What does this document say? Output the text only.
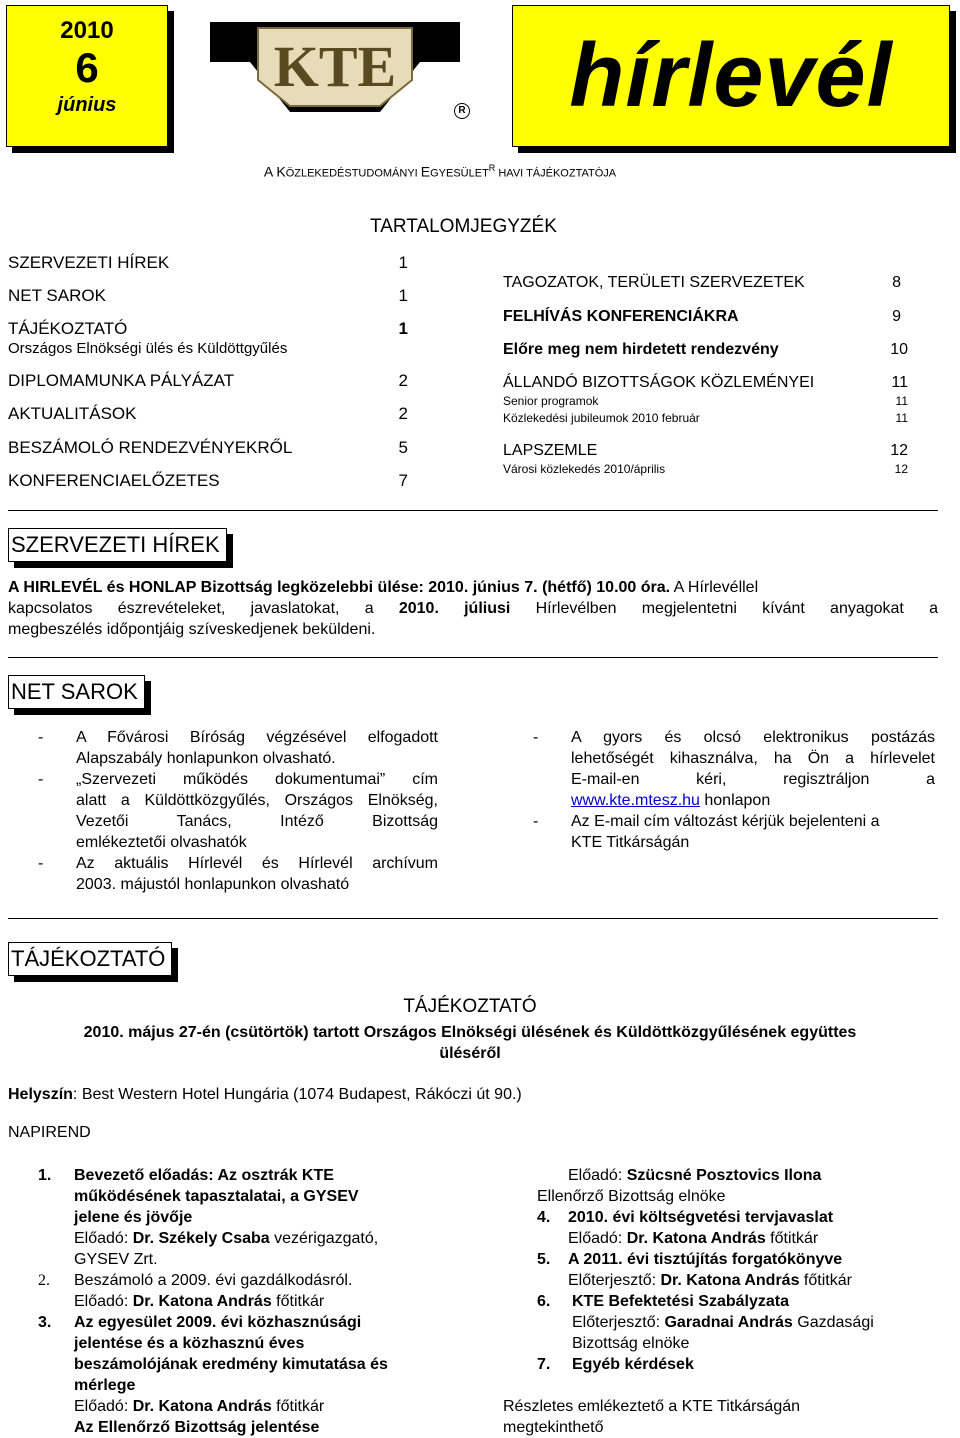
2010
6
június
KTE
R	hírlevél
A KÖZLEKEDÉSTUDOMÁNYI $EGYESÜLET^R$ HAVI TÁJÉKOZTATÓJA
TARTALOMJEGYZÉK
SZERVEZETI HÍREK	1
NET SAROK	1
TÁJÉKOZTATÓ	1
Országos Elnökségi ülés és Küldöttgyűlés
DIPLOMAMUNKA PÁLYÁZAT	2
AKTUALITÁSOK	2
BESZÁMOLÓ RENDEZVÉNYEKRŐL	5
KONFERENCIAELŐZETES	7
TAGOZATOK, TERÜLETI SZERVEZETEK	8
FELHÍVÁS KONFERENCIÁKRA	9
Előre meg nem hirdetett rendezvény	10
ÁLLANDÓ BIZOTTSÁGOK KÖZLEMÉNYEI	11
Senior programok	11
Közlekedési jubileumok 2010 február	11
LAPSZEMLE	12
Városi közlekedés 2010/április	12
SZERVEZETI HÍREK
A HIRLEVÉL és HONLAP Bizottság legközelebbi ülése: 2010. június 7. (hétfő) 10.00 óra. A Hírlevéllel
kapcsolatos észrevételeket, javaslatokat, a 2010. júliusi Hírlevélben megjelentetni kívánt anyagokat a
megbeszélés időpontjáig szíveskedjenek beküldeni.
NET SAROK
- A Fővárosi Bíróság végzésével elfogadott
Alapszabály honlapunkon olvasható.
- „Szervezeti működés dokumentumai” cím
alatt a Küldöttközgyűlés, Országos Elnökség,
Vezetői Tanács, Intéző Bizottság
emlékeztetői olvashatók
- Az aktuális Hírlevél és Hírlevél archívum
2003. májustól honlapunkon olvasható
- A gyors és olcsó elektronikus postázás
lehetőségét kihasználva, ha Ön a hírlevelet
E-mail-en kéri, regisztráljon a
www.kte.mtesz.hu honlapon
- Az E-mail cím változást kérjük bejelenteni a
KTE Titkárságán
TÁJÉKOZTATÓ
TÁJÉKOZTATÓ
2010. május 27-én (csütörtök) tartott Országos Elnökségi ülésének és Küldöttközgyűlésének együttes
üléséről
Helyszín: Best Western Hotel Hungária (1074 Budapest, Rákóczi út 90.)
NAPIREND
1. Bevezető előadás: Az osztrák KTE
működésének tapasztalatai, a GYSEV
jelene és jövője
Előadó: Dr. Székely Csaba vezérigazgató,
GYSEV Zrt.
2. Beszámoló a 2009. évi gazdálkodásról.
Előadó: Dr. Katona András főtitkár
3. Az egyesület 2009. évi közhasznúsági
jelentése és a közhasznú éves
beszámolójának eredmény kimutatása és
mérlege
Előadó: Dr. Katona András főtitkár
Az Ellenőrző Bizottság jelentése
Előadó: Szücsné Posztovics Ilona
Ellenőrző Bizottság elnöke
4. 2010. évi költségvetési tervjavaslat
Előadó: Dr. Katona András főtitkár
5. A 2011. évi tisztújítás forgatókönyve
Előterjesztő: Dr. Katona András főtitkár
6. KTE Befektetési Szabályzata
Előterjesztő: Garadnai András Gazdasági
Bizottság elnöke
7. Egyéb kérdések
Részletes emlékeztető a KTE Titkárságán
megtekinthető
